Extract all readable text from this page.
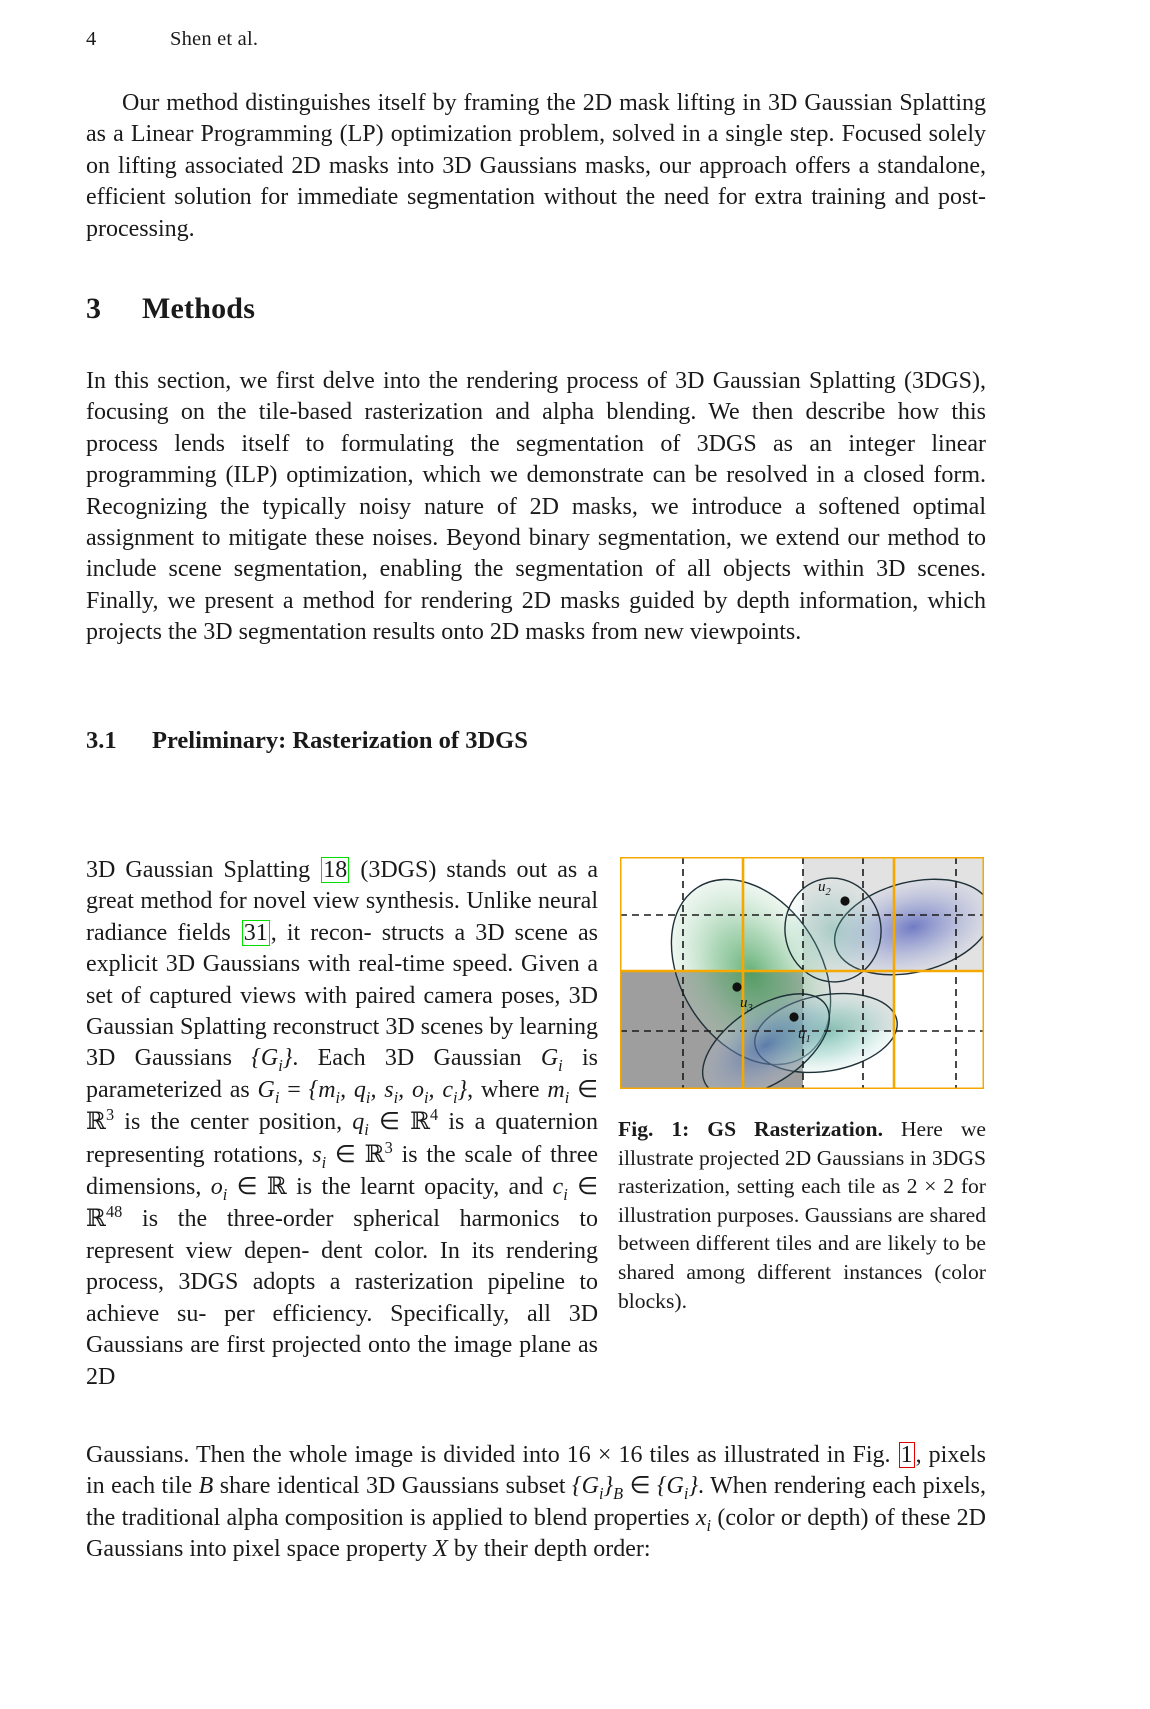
4	Shen et al.

Our method distinguishes itself by framing the 2D mask lifting in 3D Gaussian Splatting as a Linear Programming (LP) optimization problem, solved in a single step. Focused solely on lifting associated 2D masks into 3D Gaussians masks, our approach offers a standalone, efficient solution for immediate segmentation without the need for extra training and post-processing.

3 Methods

In this section, we first delve into the rendering process of 3D Gaussian Splatting (3DGS), focusing on the tile-based rasterization and alpha blending. We then describe how this process lends itself to formulating the segmentation of 3DGS as an integer linear programming (ILP) optimization, which we demonstrate can be resolved in a closed form. Recognizing the typically noisy nature of 2D masks, we introduce a softened optimal assignment to mitigate these noises. Beyond binary segmentation, we extend our method to include scene segmentation, enabling the segmentation of all objects within 3D scenes. Finally, we present a method for rendering 2D masks guided by depth information, which projects the 3D segmentation results onto 2D masks from new viewpoints.

3.1 Preliminary: Rasterization of 3DGS

3D Gaussian Splatting 18 (3DGS) stands out as a great method for novel view synthesis. Unlike neural radiance fields 31 , it recon- structs a 3D scene as explicit 3D Gaussians with real-time speed. Given a set of captured views with paired camera poses, 3D Gaussian Splatting reconstruct 3D scenes by learning 3D Gaussians $\{G_i\}$. Each 3D Gaussian $G_i$ is parameterized as $G_i = \{m_i$, $q_i$, $s_i$, $o_i$, $c_i$}, where $m_i$ ∈ ℝ$^3$ is the center position, $q_i$ ∈ ℝ$^4$ is a quaternion representing rotations, $s_i$ ∈ ℝ$^3$ is the scale of three dimensions, $o_i$ ∈ ℝ is the learnt opacity, and $c_i$ ∈ ℝ$^{48}$ is the three-order spherical harmonics to represent view depen- dent color. In its rendering process, 3DGS adopts a rasterization pipeline to achieve su- per efficiency. Specifically, all 3D Gaussians are first projected onto the image plane as 2D

$u_2$
$u_3$
$u_1$

Fig. 1: GS Rasterization. Here we illustrate projected 2D Gaussians in 3DGS rasterization, setting each tile as 2 × 2 for illustration purposes. Gaussians are shared between different tiles and are likely to be shared among different instances (color blocks).

Gaussians. Then the whole image is divided into 16 × 16 tiles as illustrated in Fig. 1 , pixels in each tile B share identical 3D Gaussians subset $\{G_i\}_B$ ∈ $\{G_i\}$. When rendering each pixels, the traditional alpha composition is applied to blend properties $x_i$ (color or depth) of these 2D Gaussians into pixel space property X by their depth order:
